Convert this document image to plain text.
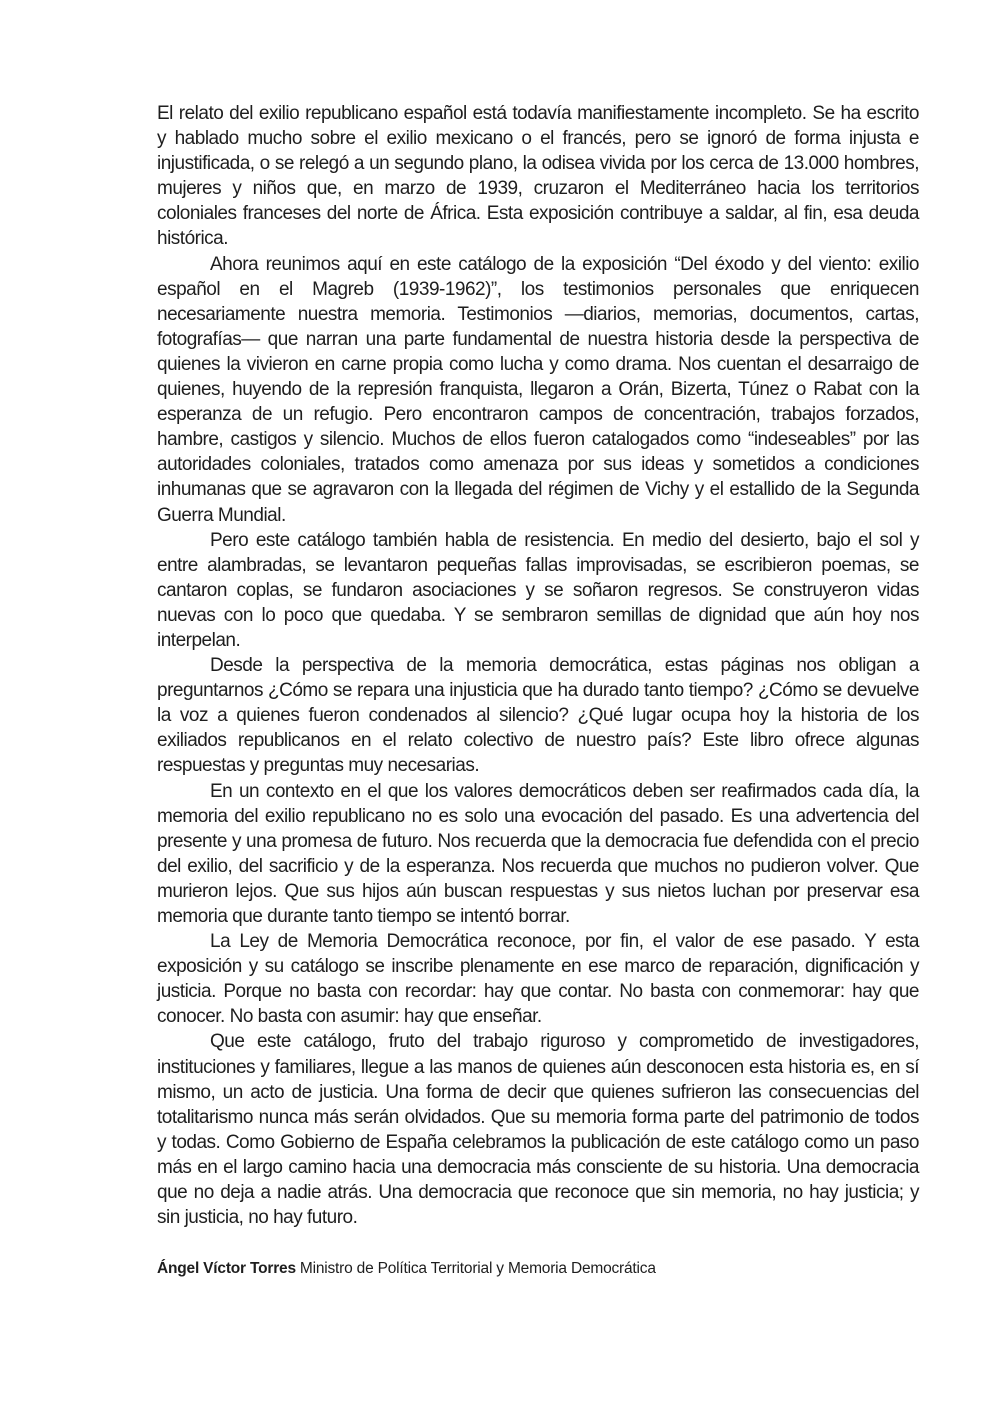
El relato del exilio republicano español está todavía manifiestamente incompleto. Se ha escrito y hablado mucho sobre el exilio mexicano o el francés, pero se ignoró de forma injusta e injustificada, o se relegó a un segundo plano, la odisea vivida por los cerca de 13.000 hombres, mujeres y niños que, en marzo de 1939, cruzaron el Mediterráneo hacia los territorios coloniales franceses del norte de África. Esta exposición contribuye a saldar, al fin, esa deuda histórica.

Ahora reunimos aquí en este catálogo de la exposición “Del éxodo y del viento: exilio español en el Magreb (1939-1962)”, los testimonios personales que enriquecen necesariamente nuestra memoria. Testimonios —diarios, memorias, documentos, cartas, fotografías— que narran una parte fundamental de nuestra historia desde la perspectiva de quienes la vivieron en carne propia como lucha y como drama. Nos cuentan el desarraigo de quienes, huyendo de la represión franquista, llegaron a Orán, Bizerta, Túnez o Rabat con la esperanza de un refugio. Pero encontraron campos de concentración, trabajos forzados, hambre, castigos y silencio. Muchos de ellos fueron catalogados como “indeseables” por las autoridades coloniales, tratados como amenaza por sus ideas y sometidos a condiciones inhumanas que se agravaron con la llegada del régimen de Vichy y el estallido de la Segunda Guerra Mundial.

Pero este catálogo también habla de resistencia. En medio del desierto, bajo el sol y entre alambradas, se levantaron pequeñas fallas improvisadas, se escribieron poemas, se cantaron coplas, se fundaron asociaciones y se soñaron regresos. Se construyeron vidas nuevas con lo poco que quedaba. Y se sembraron semillas de dignidad que aún hoy nos interpelan.

Desde la perspectiva de la memoria democrática, estas páginas nos obligan a preguntarnos ¿Cómo se repara una injusticia que ha durado tanto tiempo? ¿Cómo se devuelve la voz a quienes fueron condenados al silencio? ¿Qué lugar ocupa hoy la historia de los exiliados republicanos en el relato colectivo de nuestro país? Este libro ofrece algunas respuestas y preguntas muy necesarias.

En un contexto en el que los valores democráticos deben ser reafirmados cada día, la memoria del exilio republicano no es solo una evocación del pasado. Es una advertencia del presente y una promesa de futuro. Nos recuerda que la democracia fue defendida con el precio del exilio, del sacrificio y de la esperanza. Nos recuerda que muchos no pudieron volver. Que murieron lejos. Que sus hijos aún buscan respuestas y sus nietos luchan por preservar esa memoria que durante tanto tiempo se intentó borrar.

La Ley de Memoria Democrática reconoce, por fin, el valor de ese pasado. Y esta exposición y su catálogo se inscribe plenamente en ese marco de reparación, dignificación y justicia. Porque no basta con recordar: hay que contar. No basta con conmemorar: hay que conocer. No basta con asumir: hay que enseñar.

Que este catálogo, fruto del trabajo riguroso y comprometido de investigadores, instituciones y familiares, llegue a las manos de quienes aún desconocen esta historia es, en sí mismo, un acto de justicia. Una forma de decir que quienes sufrieron las consecuencias del totalitarismo nunca más serán olvidados. Que su memoria forma parte del patrimonio de todos y todas. Como Gobierno de España celebramos la publicación de este catálogo como un paso más en el largo camino hacia una democracia más consciente de su historia. Una democracia que no deja a nadie atrás. Una democracia que reconoce que sin memoria, no hay justicia; y sin justicia, no hay futuro.

Ángel Víctor Torres Ministro de Política Territorial y Memoria Democrática
